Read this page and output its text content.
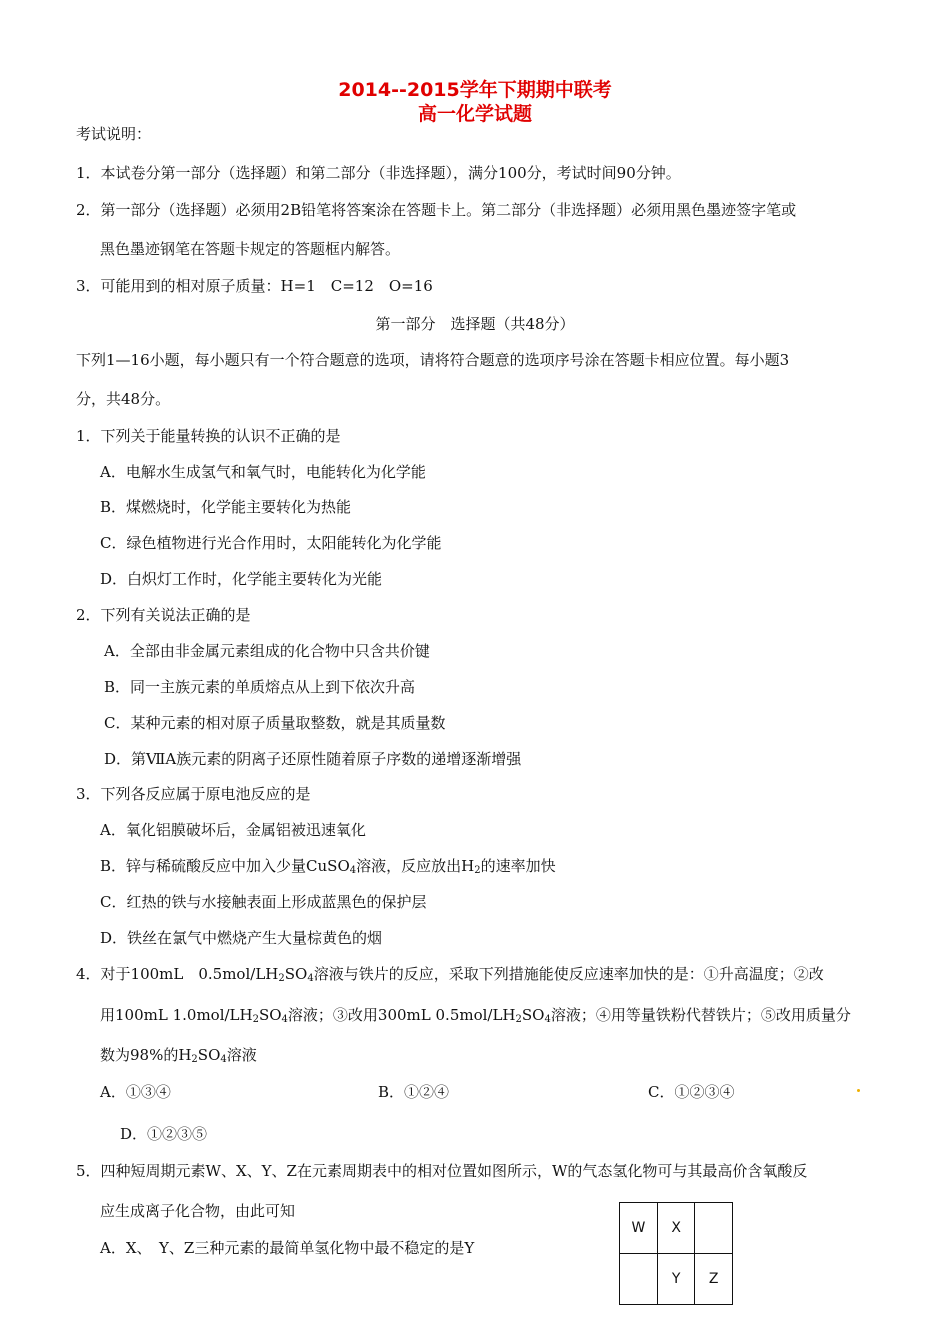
2014--2015学年下期期中联考
高一化学试题
考试说明：
1．本试卷分第一部分（选择题）和第二部分（非选择题），满分100分，考试时间90分钟。
2．第一部分（选择题）必须用2B铅笔将答案涂在答题卡上。第二部分（非选择题）必须用黑色墨迹签字笔或
黑色墨迹钢笔在答题卡规定的答题框内解答。
3．可能用到的相对原子质量：H=1　C=12　O=16
第一部分　选择题（共48分）
下列1—16小题，每小题只有一个符合题意的选项，请将符合题意的选项序号涂在答题卡相应位置。每小题3
分，共48分。
1．下列关于能量转换的认识不正确的是
A．电解水生成氢气和氧气时，电能转化为化学能
B．煤燃烧时，化学能主要转化为热能
C．绿色植物进行光合作用时，太阳能转化为化学能
D．白炽灯工作时，化学能主要转化为光能
2．下列有关说法正确的是
A．全部由非金属元素组成的化合物中只含共价键
B．同一主族元素的单质熔点从上到下依次升高
C．某种元素的相对原子质量取整数，就是其质量数
D．第ⅦA族元素的阴离子还原性随着原子序数的递增逐渐增强
3．下列各反应属于原电池反应的是
A．氧化铝膜破坏后，金属铝被迅速氧化
B．锌与稀硫酸反应中加入少量CuSO$_4$溶液，反应放出$H_2$的速率加快
C．红热的铁与水接触表面上形成蓝黑色的保护层
D．铁丝在氯气中燃烧产生大量棕黄色的烟
4．对于100mL　$0.5mol/LH_2SO_4$溶液与铁片的反应，采取下列措施能使反应速率加快的是：①升高温度；②改
用100mL $1.0mol/LH_2SO_4$溶液；③改用300mL $0.5mol/LH_2SO_4$溶液；④用等量铁粉代替铁片；⑤改用质量分
数为98%的$H_2SO_4$溶液
A．①③④	B．①②④	C．①②③④
D．①②③⑤
5．四种短周期元素W、X、Y、Z在元素周期表中的相对位置如图所示，W的气态氢化物可与其最高价含氧酸反
应生成离子化合物，由此可知
A．X、　Y、Z三种元素的最简单氢化物中最不稳定的是Y
W	X	
	Y	Z
